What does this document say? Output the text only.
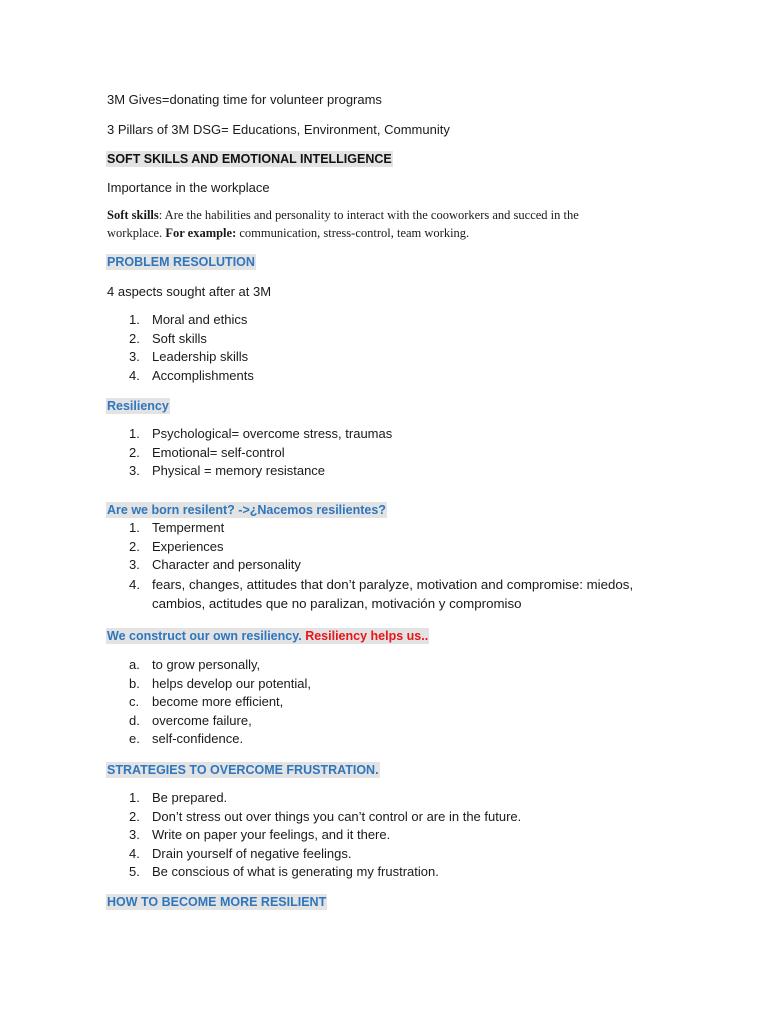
3M Gives=donating time for volunteer programs

3 Pillars of 3M DSG= Educations, Environment, Community

SOFT SKILLS AND EMOTIONAL INTELLIGENCE

Importance in the workplace

Soft skills: Are the habilities and personality to interact with the cooworkers and succed in the workplace. For example: communication, stress-control, team working.

PROBLEM RESOLUTION

4 aspects sought after at 3M

1. Moral and ethics
2. Soft skills
3. Leadership skills
4. Accomplishments

Resiliency

1. Psychological= overcome stress, traumas
2. Emotional= self-control
3. Physical = memory resistance

Are we born resilent? ->¿Nacemos resilientes?

1. Temperment
2. Experiences
3. Character and personality
4. fears, changes, attitudes that don’t paralyze, motivation and compromise: miedos, cambios, actitudes que no paralizan, motivación y compromiso

We construct our own resiliency. Resiliency helps us..

a. to grow personally,
b. helps develop our potential,
c. become more efficient,
d. overcome failure,
e. self-confidence.

STRATEGIES TO OVERCOME FRUSTRATION.

1. Be prepared.
2. Don’t stress out over things you can’t control or are in the future.
3. Write on paper your feelings, and it there.
4. Drain yourself of negative feelings.
5. Be conscious of what is generating my frustration.

HOW TO BECOME MORE RESILIENT
